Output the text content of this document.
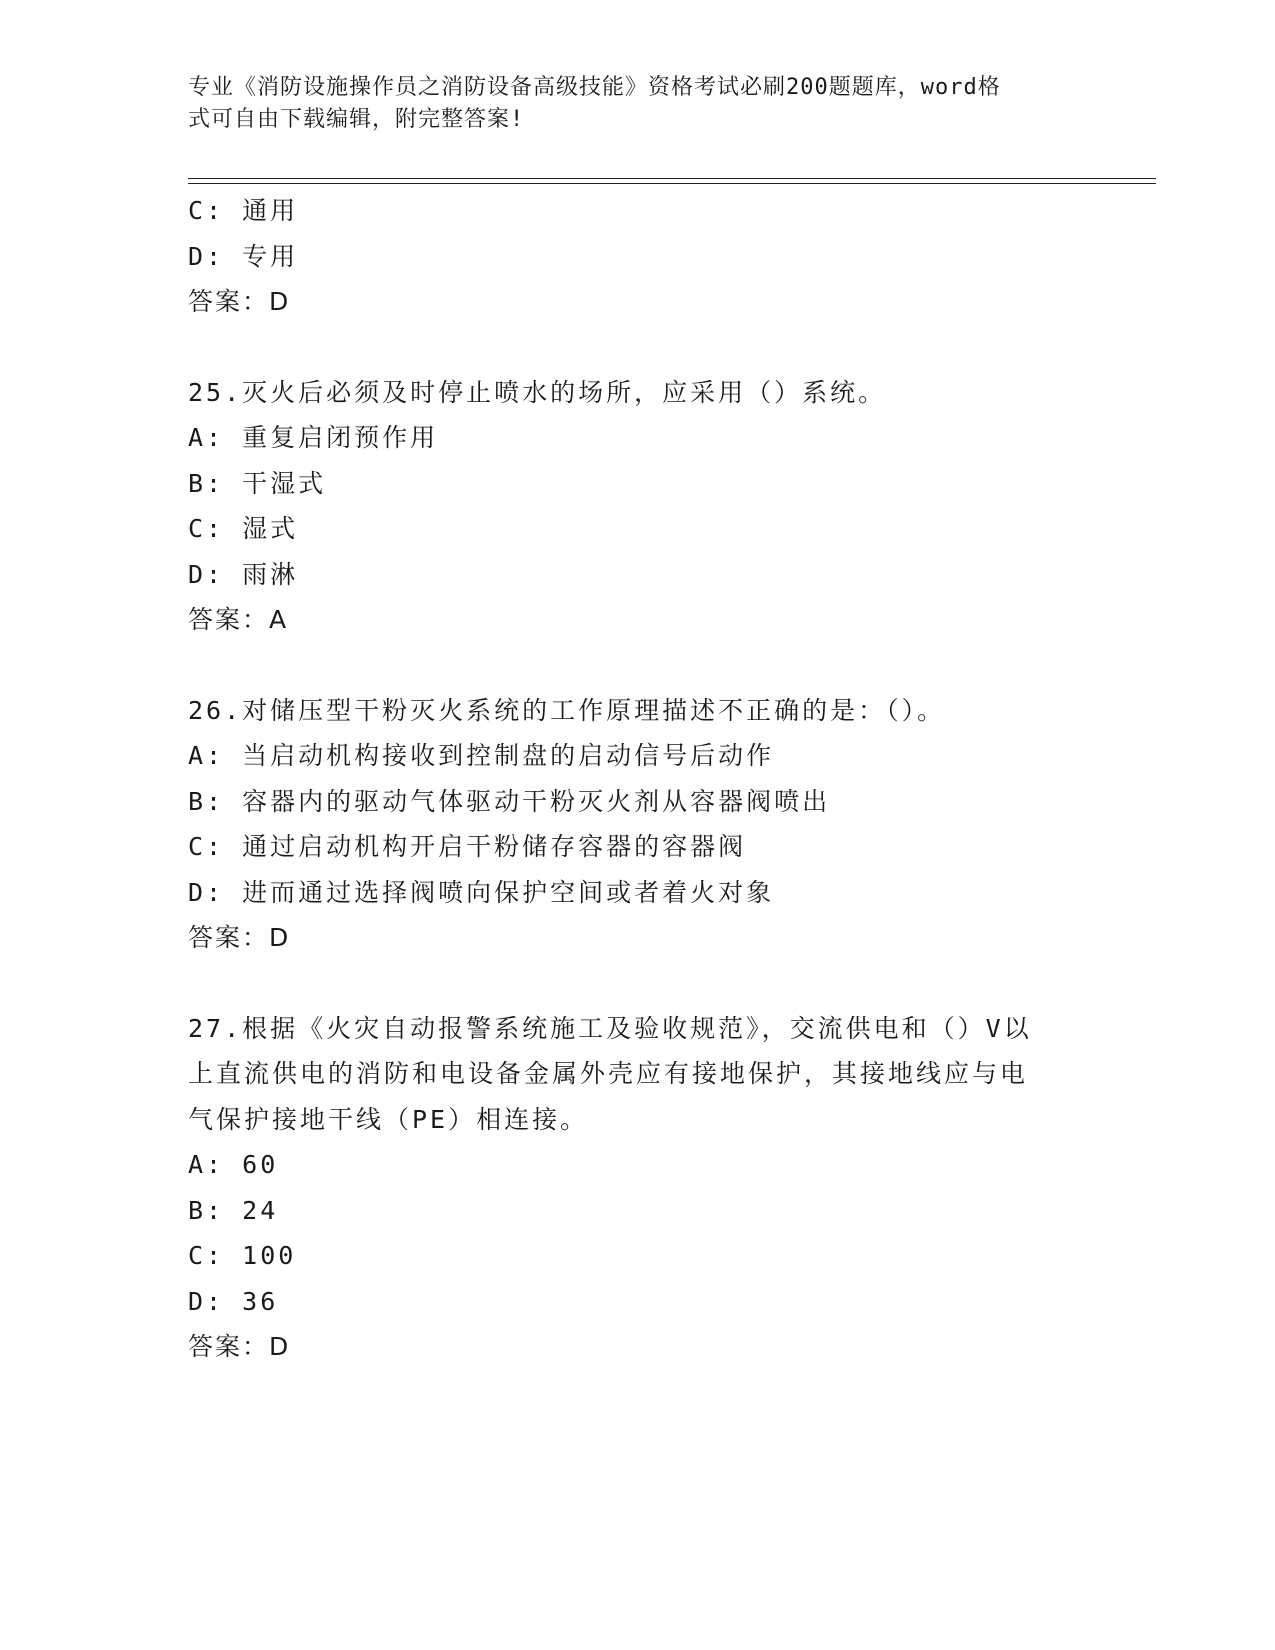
专业《消防设施操作员之消防设备高级技能》资格考试必刷200题题库，word格
式可自由下载编辑，附完整答案!
C: 通用
D: 专用
答案：D
25.灭火后必须及时停止喷水的场所，应采用（）系统。
A: 重复启闭预作用
B: 干湿式
C: 湿式
D: 雨淋
答案：A
26.对储压型干粉灭火系统的工作原理描述不正确的是：（）。
A: 当启动机构接收到控制盘的启动信号后动作
B: 容器内的驱动气体驱动干粉灭火剂从容器阀喷出
C: 通过启动机构开启干粉储存容器的容器阀
D: 进而通过选择阀喷向保护空间或者着火对象
答案：D
27.根据《火灾自动报警系统施工及验收规范》，交流供电和（）V以
上直流供电的消防和电设备金属外壳应有接地保护，其接地线应与电
气保护接地干线（PE）相连接。
A: 60
B: 24
C: 100
D: 36
答案：D
